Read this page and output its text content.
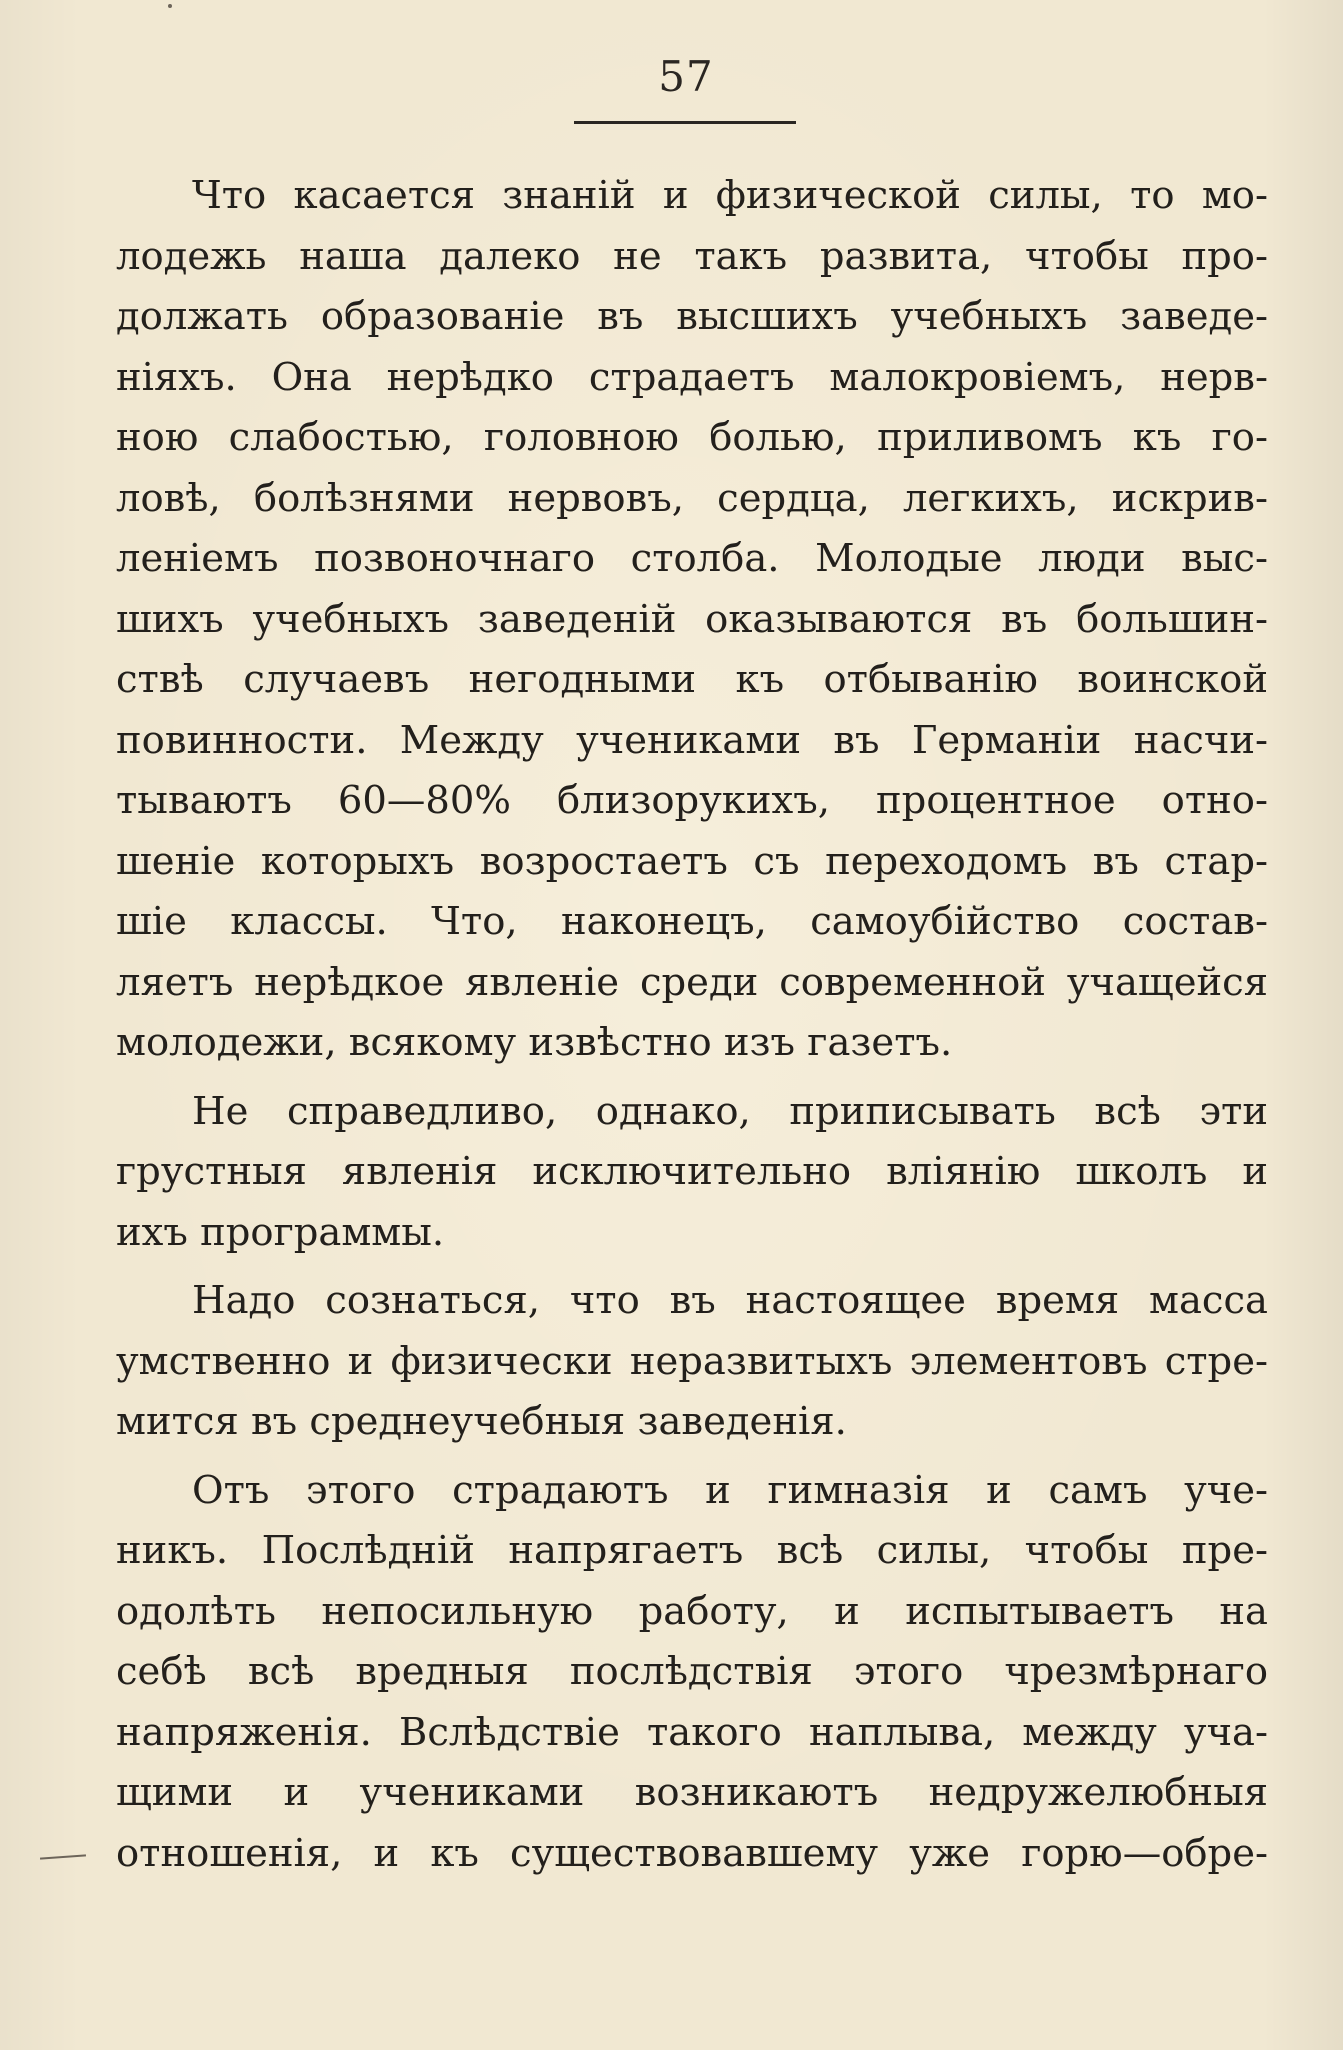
57
Что касается знанiй и физической силы, то мо-
лодежь наша далеко не такъ развита, чтобы про-
должать образованiе въ высшихъ учебныхъ заведе-
нiяхъ. Она нерѣдко страдаетъ малокровiемъ, нерв-
ною слабостью, головною болью, приливомъ къ го-
ловѣ, болѣзнями нервовъ, сердца, легкихъ, искрив-
ленiемъ позвоночнаго столба. Молодые люди выс-
шихъ учебныхъ заведенiй оказываются въ большин-
ствѣ случаевъ негодными къ отбыванiю воинской
повинности. Между учениками въ Германiи насчи-
тываютъ 60—80% близорукихъ, процентное отно-
шенiе которыхъ возростаетъ съ переходомъ въ стар-
шiе классы. Что, наконецъ, самоубiйство состав-
ляетъ нерѣдкое явленiе среди современной учащейся
молодежи, всякому извѣстно изъ газетъ.
Не справедливо, однако, приписывать всѣ эти
грустныя явленiя исключительно влiянiю школъ и
ихъ программы.
Надо сознаться, что въ настоящее время масса
умственно и физически неразвитыхъ элементовъ стре-
мится въ среднеучебныя заведенiя.
Отъ этого страдаютъ и гимназiя и самъ уче-
никъ. Послѣднiй напрягаетъ всѣ силы, чтобы пре-
одолѣть непосильную работу, и испытываетъ на
себѣ всѣ вредныя послѣдствiя этого чрезмѣрнаго
напряженiя. Вслѣдствiе такого наплыва, между уча-
щими и учениками возникаютъ недружелюбныя
отношенiя, и къ существовавшему уже горю—обре-
